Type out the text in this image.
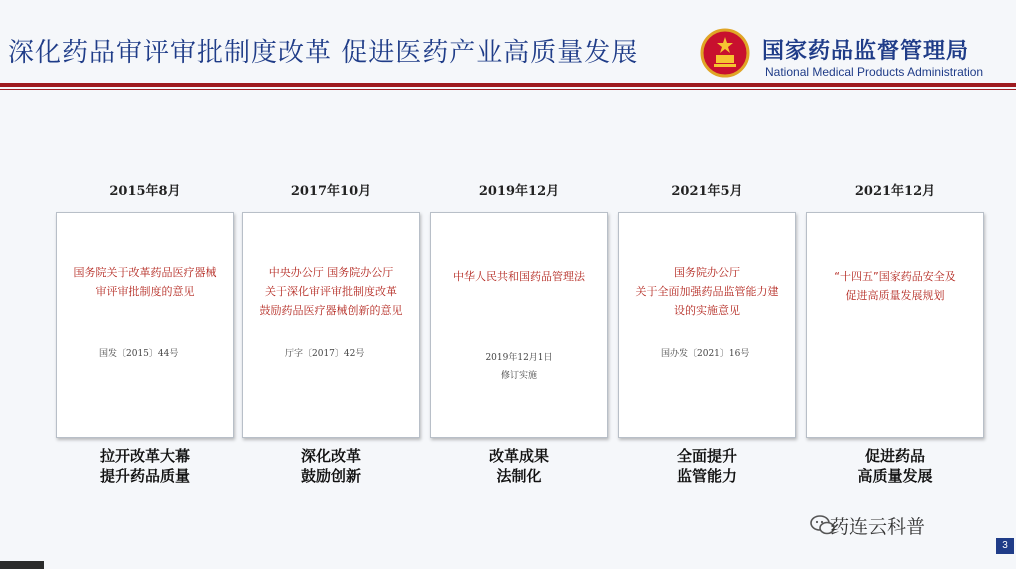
深化药品审评审批制度改革 促进医药产业高质量发展	国家药品监督管理局
National Medical Products Administration
2015年8月
国务院关于改革药品医疗器械
审评审批制度的意见
国发〔2015〕44号
拉开改革大幕
提升药品质量
2017年10月
中央办公厅 国务院办公厅
关于深化审评审批制度改革
鼓励药品医疗器械创新的意见
厅字〔2017〕42号
深化改革
鼓励创新
2019年12月
中华人民共和国药品管理法
2019年12月1日
修订实施
改革成果
法制化
2021年5月
国务院办公厅
关于全面加强药品监管能力建
设的实施意见
国办发〔2021〕16号
全面提升
监管能力
2021年12月
“十四五”国家药品安全及
促进高质量发展规划
促进药品
高质量发展
药连云科普
3
